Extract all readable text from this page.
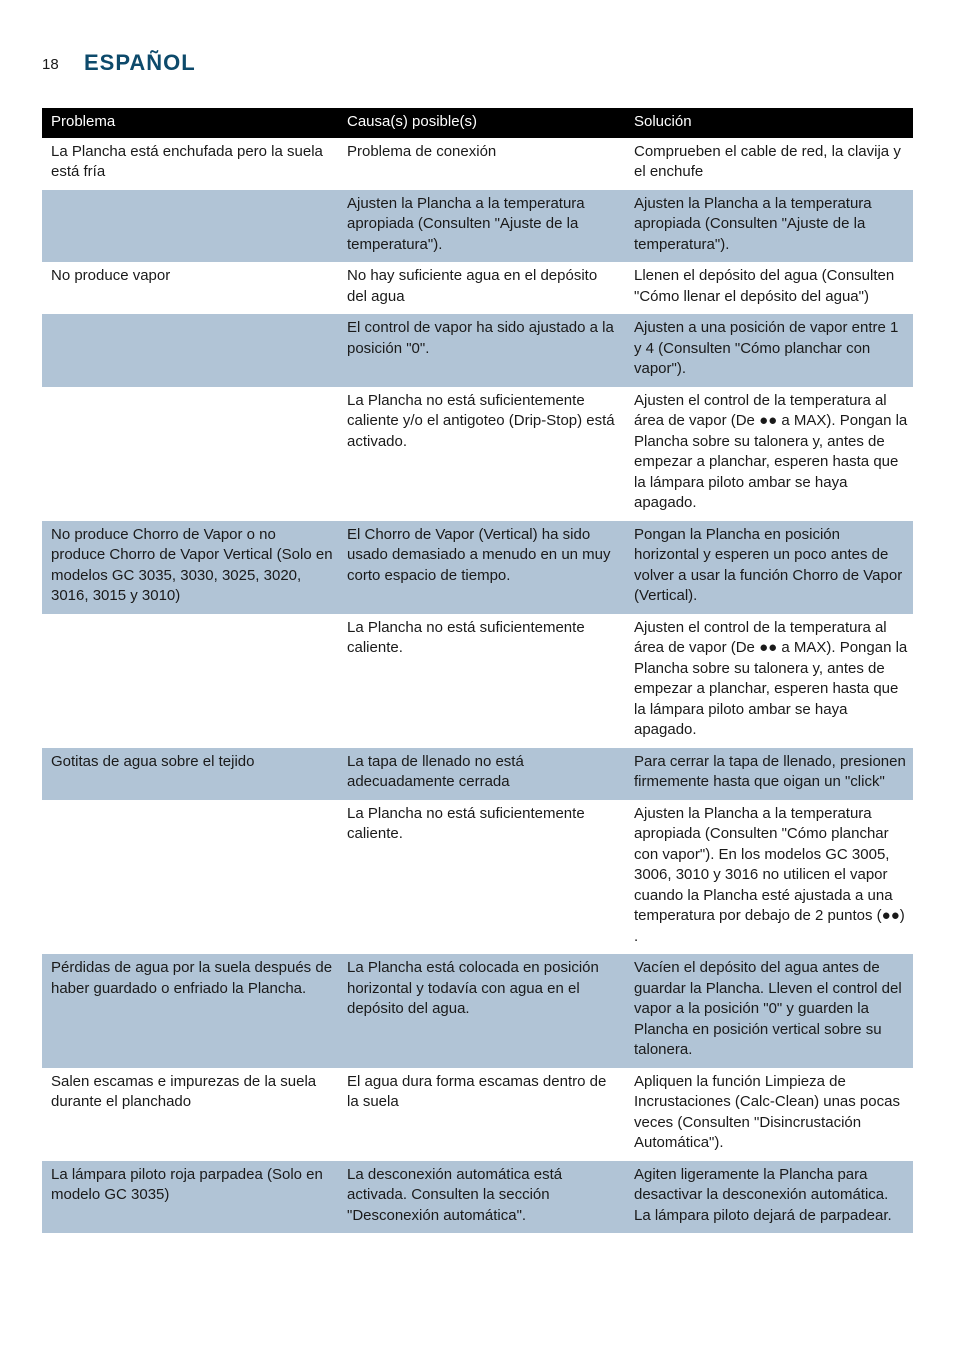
18 ESPAÑOL
Problema	Causa(s) posible(s)	Solución
La Plancha está enchufada pero la suela está fría	Problema de conexión	Comprueben el cable de red, la clavija y el enchufe
	Ajusten la Plancha a la temperatura apropiada (Consulten "Ajuste de la temperatura").	Ajusten la Plancha a la temperatura apropiada (Consulten "Ajuste de la temperatura").
No produce vapor	No hay suficiente agua en el depósito del agua	Llenen el depósito del agua (Consulten "Cómo llenar el depósito del agua")
	El control de vapor ha sido ajustado a la posición "0".	Ajusten a una posición de vapor entre 1 y 4 (Consulten "Cómo planchar con vapor").
	La Plancha no está suficientemente caliente y/o el antigoteo (Drip-Stop) está activado.	Ajusten el control de la temperatura al área de vapor (De ●● a MAX). Pongan la Plancha sobre su talonera y, antes de empezar a planchar, esperen hasta que la lámpara piloto ambar se haya apagado.
No produce Chorro de Vapor o no produce Chorro de Vapor Vertical (Solo en modelos GC 3035, 3030, 3025, 3020, 3016, 3015 y 3010)	El Chorro de Vapor (Vertical) ha sido usado demasiado a menudo en un muy corto espacio de tiempo.	Pongan la Plancha en posición horizontal y esperen un poco antes de volver a usar la función Chorro de Vapor (Vertical).
	La Plancha no está suficientemente caliente.	Ajusten el control de la temperatura al área de vapor (De ●● a MAX). Pongan la Plancha sobre su talonera y, antes de empezar a planchar, esperen hasta que la lámpara piloto ambar se haya apagado.
Gotitas de agua sobre el tejido	La tapa de llenado no está adecuadamente cerrada	Para cerrar la tapa de llenado, presionen firmemente hasta que oigan un "click"
	La Plancha no está suficientemente caliente.	Ajusten la Plancha a la temperatura apropiada (Consulten "Cómo planchar con vapor"). En los modelos GC 3005, 3006, 3010 y 3016 no utilicen el vapor cuando la Plancha esté ajustada a una temperatura por debajo de 2 puntos (●●) .
Pérdidas de agua por la suela después de haber guardado o enfriado la Plancha.	La Plancha está colocada en posición horizontal y todavía con agua en el depósito del agua.	Vacíen el depósito del agua antes de guardar la Plancha. Lleven el control del vapor a la posición "0" y guarden la Plancha en posición vertical sobre su talonera.
Salen escamas e impurezas de la suela durante el planchado	El agua dura forma escamas dentro de la suela	Apliquen la función Limpieza de Incrustaciones (Calc-Clean) unas pocas veces (Consulten "Disincrustación Automática").
La lámpara piloto roja parpadea (Solo en modelo GC 3035)	La desconexión automática está activada. Consulten la sección "Desconexión automática".	Agiten ligeramente la Plancha para desactivar la desconexión automática. La lámpara piloto dejará de parpadear.
